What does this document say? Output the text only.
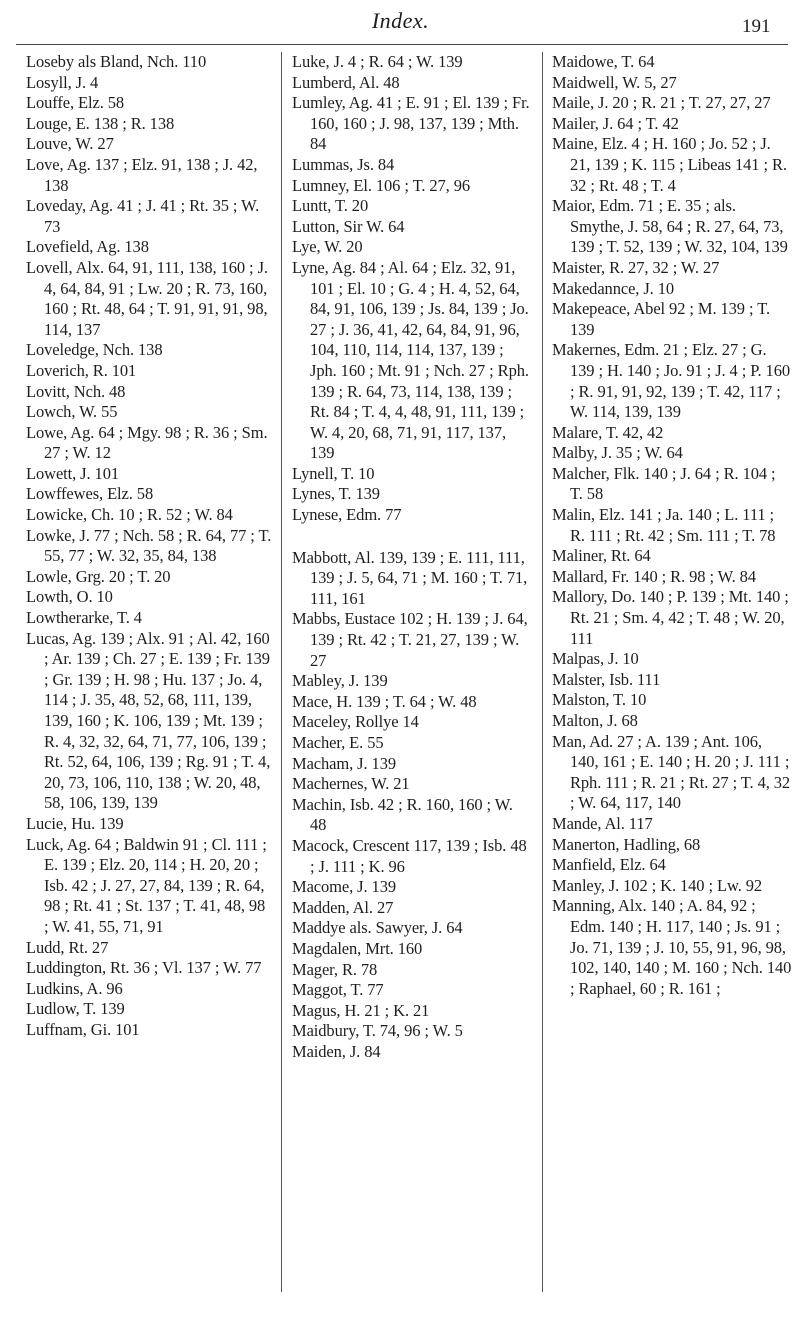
Index.	191

Loseby als Bland, Nch. 110

Losyll, J. 4

Louffe, Elz. 58

Louge, E. 138 ; R. 138

Louve, W. 27

Love, Ag. 137 ; Elz. 91, 138 ; J. 42, 138

Loveday, Ag. 41 ; J. 41 ; Rt. 35 ; W. 73

Lovefield, Ag. 138

Lovell, Alx. 64, 91, 111, 138, 160 ; J. 4, 64, 84, 91 ; Lw. 20 ; R. 73, 160, 160 ; Rt. 48, 64 ; T. 91, 91, 91, 98, 114, 137

Loveledge, Nch. 138

Loverich, R. 101

Lovitt, Nch. 48

Lowch, W. 55

Lowe, Ag. 64 ; Mgy. 98 ; R. 36 ; Sm. 27 ; W. 12

Lowett, J. 101

Lowffewes, Elz. 58

Lowicke, Ch. 10 ; R. 52 ; W. 84

Lowke, J. 77 ; Nch. 58 ; R. 64, 77 ; T. 55, 77 ; W. 32, 35, 84, 138

Lowle, Grg. 20 ; T. 20

Lowth, O. 10

Lowtherarke, T. 4

Lucas, Ag. 139 ; Alx. 91 ; Al. 42, 160 ; Ar. 139 ; Ch. 27 ; E. 139 ; Fr. 139 ; Gr. 139 ; H. 98 ; Hu. 137 ; Jo. 4, 114 ; J. 35, 48, 52, 68, 111, 139, 139, 160 ; K. 106, 139 ; Mt. 139 ; R. 4, 32, 32, 64, 71, 77, 106, 139 ; Rt. 52, 64, 106, 139 ; Rg. 91 ; T. 4, 20, 73, 106, 110, 138 ; W. 20, 48, 58, 106, 139, 139

Lucie, Hu. 139

Luck, Ag. 64 ; Baldwin 91 ; Cl. 111 ; E. 139 ; Elz. 20, 114 ; H. 20, 20 ; Isb. 42 ; J. 27, 27, 84, 139 ; R. 64, 98 ; Rt. 41 ; St. 137 ; T. 41, 48, 98 ; W. 41, 55, 71, 91

Ludd, Rt. 27

Luddington, Rt. 36 ; Vl. 137 ; W. 77

Ludkins, A. 96

Ludlow, T. 139

Luffnam, Gi. 101

Luke, J. 4 ; R. 64 ; W. 139

Lumberd, Al. 48

Lumley, Ag. 41 ; E. 91 ; El. 139 ; Fr. 160, 160 ; J. 98, 137, 139 ; Mth. 84

Lummas, Js. 84

Lumney, El. 106 ; T. 27, 96

Luntt, T. 20

Lutton, Sir W. 64

Lye, W. 20

Lyne, Ag. 84 ; Al. 64 ; Elz. 32, 91, 101 ; El. 10 ; G. 4 ; H. 4, 52, 64, 84, 91, 106, 139 ; Js. 84, 139 ; Jo. 27 ; J. 36, 41, 42, 64, 84, 91, 96, 104, 110, 114, 114, 137, 139 ; Jph. 160 ; Mt. 91 ; Nch. 27 ; Rph. 139 ; R. 64, 73, 114, 138, 139 ; Rt. 84 ; T. 4, 4, 48, 91, 111, 139 ; W. 4, 20, 68, 71, 91, 117, 137, 139

Lynell, T. 10

Lynes, T. 139

Lynese, Edm. 77

Mabbott, Al. 139, 139 ; E. 111, 111, 139 ; J. 5, 64, 71 ; M. 160 ; T. 71, 111, 161

Mabbs, Eustace 102 ; H. 139 ; J. 64, 139 ; Rt. 42 ; T. 21, 27, 139 ; W. 27

Mabley, J. 139

Mace, H. 139 ; T. 64 ; W. 48

Maceley, Rollye 14

Macher, E. 55

Macham, J. 139

Machernes, W. 21

Machin, Isb. 42 ; R. 160, 160 ; W. 48

Macock, Crescent 117, 139 ; Isb. 48 ; J. 111 ; K. 96

Macome, J. 139

Madden, Al. 27

Maddye als. Sawyer, J. 64

Magdalen, Mrt. 160

Mager, R. 78

Maggot, T. 77

Magus, H. 21 ; K. 21

Maidbury, T. 74, 96 ; W. 5

Maiden, J. 84

Maidowe, T. 64

Maidwell, W. 5, 27

Maile, J. 20 ; R. 21 ; T. 27, 27, 27

Mailer, J. 64 ; T. 42

Maine, Elz. 4 ; H. 160 ; Jo. 52 ; J. 21, 139 ; K. 115 ; Libeas 141 ; R. 32 ; Rt. 48 ; T. 4

Maior, Edm. 71 ; E. 35 ; als. Smythe, J. 58, 64 ; R. 27, 64, 73, 139 ; T. 52, 139 ; W. 32, 104, 139

Maister, R. 27, 32 ; W. 27

Makedannce, J. 10

Makepeace, Abel 92 ; M. 139 ; T. 139

Makernes, Edm. 21 ; Elz. 27 ; G. 139 ; H. 140 ; Jo. 91 ; J. 4 ; P. 160 ; R. 91, 91, 92, 139 ; T. 42, 117 ; W. 114, 139, 139

Malare, T. 42, 42

Malby, J. 35 ; W. 64

Malcher, Flk. 140 ; J. 64 ; R. 104 ; T. 58

Malin, Elz. 141 ; Ja. 140 ; L. 111 ; R. 111 ; Rt. 42 ; Sm. 111 ; T. 78

Maliner, Rt. 64

Mallard, Fr. 140 ; R. 98 ; W. 84

Mallory, Do. 140 ; P. 139 ; Mt. 140 ; Rt. 21 ; Sm. 4, 42 ; T. 48 ; W. 20, 111

Malpas, J. 10

Malster, Isb. 111

Malston, T. 10

Malton, J. 68

Man, Ad. 27 ; A. 139 ; Ant. 106, 140, 161 ; E. 140 ; H. 20 ; J. 111 ; Rph. 111 ; R. 21 ; Rt. 27 ; T. 4, 32 ; W. 64, 117, 140

Mande, Al. 117

Manerton, Hadling, 68

Manfield, Elz. 64

Manley, J. 102 ; K. 140 ; Lw. 92

Manning, Alx. 140 ; A. 84, 92 ; Edm. 140 ; H. 117, 140 ; Js. 91 ; Jo. 71, 139 ; J. 10, 55, 91, 96, 98, 102, 140, 140 ; M. 160 ; Nch. 140 ; Raphael, 60 ; R. 161 ;
